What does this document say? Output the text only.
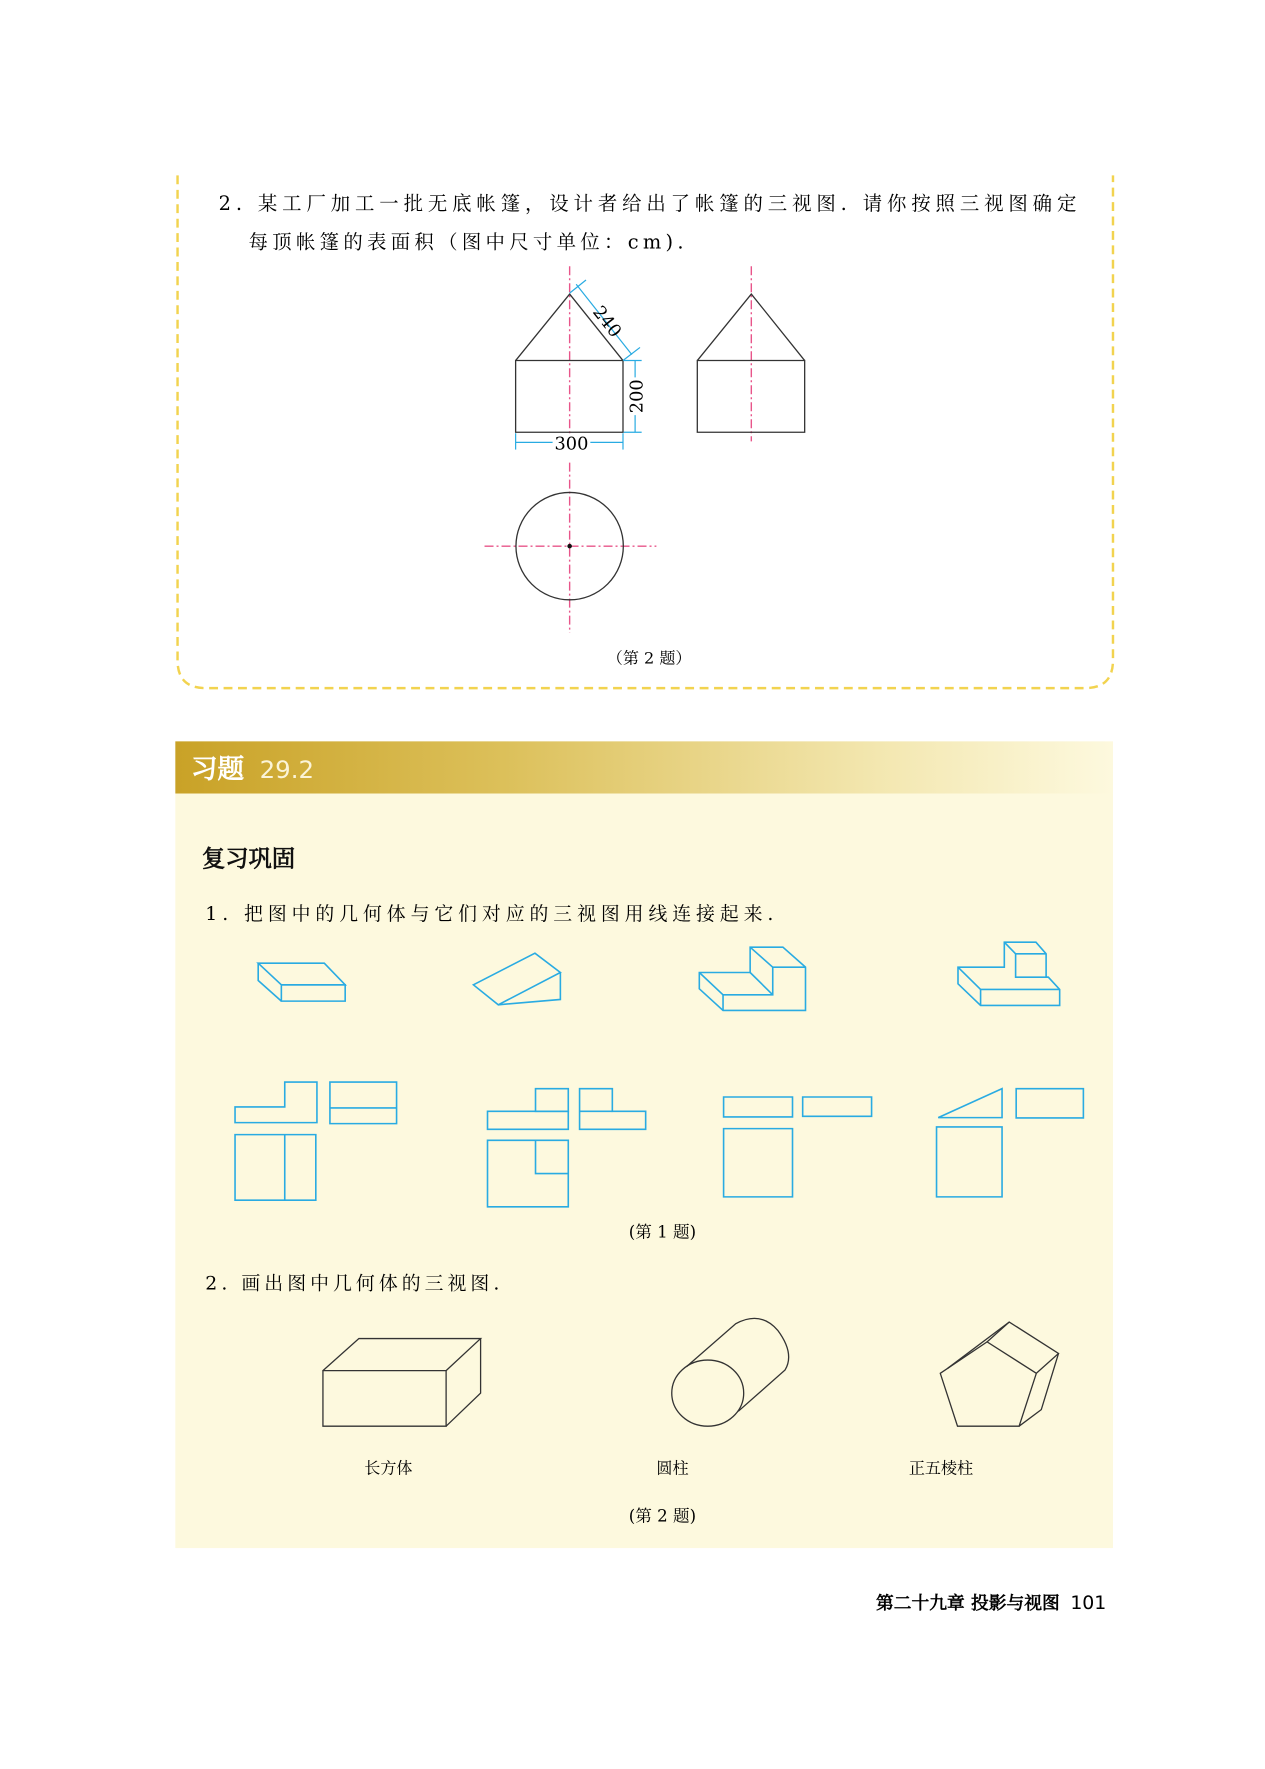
2. 某工厂加工一批无底帐篷，设计者给出了帐篷的三视图. 请你按照三视图确定
每顶帐篷的表面积（图中尺寸单位：cm).
300
200
240
（第 2 题）
习题 29.2
复习巩固
1. 把图中的几何体与它们对应的三视图用线连接起来.
(第 1 题)
2. 画出图中几何体的三视图.
长方体	圆柱	正五棱柱
(第 2 题)
第二十九章 投影与视图 101
